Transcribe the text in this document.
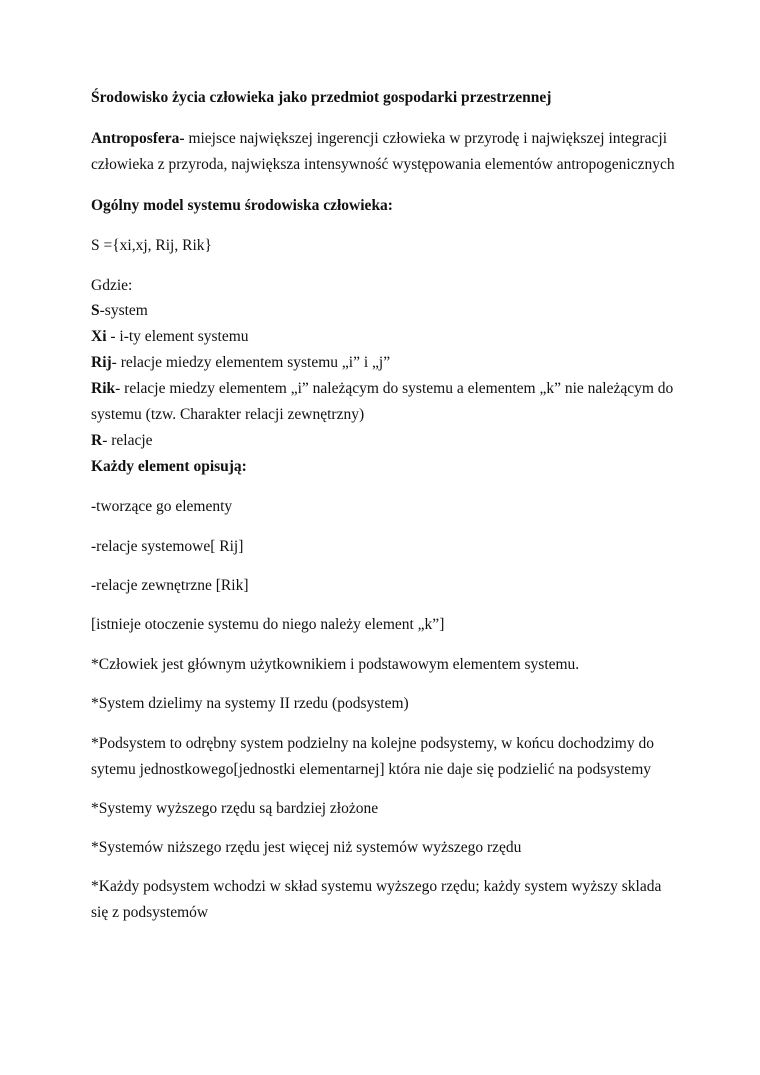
Środowisko życia człowieka jako przedmiot gospodarki przestrzennej
Antroposfera- miejsce największej ingerencji człowieka w przyrodę i największej integracji
człowieka z przyroda, największa intensywność występowania elementów antropogenicznych
Ogólny model systemu środowiska człowieka:
S ={xi,xj, Rij, Rik}
Gdzie:
S-system
Xi - i-ty element systemu
Rij- relacje miedzy elementem systemu „i” i „j”
Rik- relacje miedzy elementem „i” należącym do systemu a elementem „k” nie należącym do
systemu (tzw. Charakter relacji zewnętrzny)
R- relacje
Każdy element opisują:
-tworzące go elementy
-relacje systemowe[ Rij]
-relacje zewnętrzne [Rik]
[istnieje otoczenie systemu do niego należy element „k”]
*Człowiek jest głównym użytkownikiem i podstawowym elementem systemu.
*System dzielimy na systemy II rzedu (podsystem)
*Podsystem to odrębny system podzielny na kolejne podsystemy, w końcu dochodzimy do
sytemu jednostkowego[jednostki elementarnej] która nie daje się podzielić na podsystemy
*Systemy wyższego rzędu są bardziej złożone
*Systemów niższego rzędu jest więcej niż systemów wyższego rzędu
*Każdy podsystem wchodzi w skład systemu wyższego rzędu; każdy system wyższy sklada
się z podsystemów
